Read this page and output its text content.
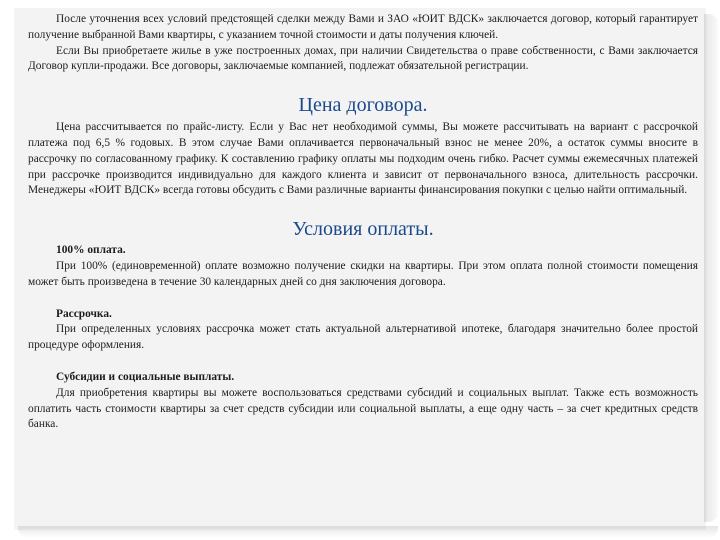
После уточнения всех условий предстоящей сделки между Вами и ЗАО «ЮИТ ВДСК» заключается договор, который гарантирует получение выбранной Вами квартиры, с указанием точной стоимости и даты получения ключей.

Если Вы приобретаете жилье в уже построенных домах, при наличии Свидетельства о праве собственности, с Вами заключается Договор купли-продажи. Все договоры, заключаемые компанией, подлежат обязательной регистрации.

Цена договора.

Цена рассчитывается по прайс-листу. Если у Вас нет необходимой суммы, Вы можете рассчитывать на вариант с рассрочкой платежа под 6,5 % годовых. В этом случае Вами оплачивается первоначальный взнос не менее 20%, а остаток суммы вносите в рассрочку по согласованному графику. К составлению графику оплаты мы подходим очень гибко. Расчет суммы ежемесячных платежей при рассрочке производится индивидуально для каждого клиента и зависит от первоначального взноса, длительность рассрочки. Менеджеры «ЮИТ ВДСК» всегда готовы обсудить с Вами различные варианты финансирования покупки с целью найти оптимальный.

Условия оплаты.

100% оплата.

При 100% (единовременной) оплате возможно получение скидки на квартиры. При этом оплата полной стоимости помещения может быть произведена в течение 30 календарных дней со дня заключения договора.

Рассрочка.

При определенных условиях рассрочка может стать актуальной альтернативой ипотеке, благодаря значительно более простой процедуре оформления.

Субсидии и социальные выплаты.

Для приобретения квартиры вы можете воспользоваться средствами субсидий и социальных выплат. Также есть возможность оплатить часть стоимости квартиры за счет средств субсидии или социальной выплаты, а еще одну часть – за счет кредитных средств банка.
